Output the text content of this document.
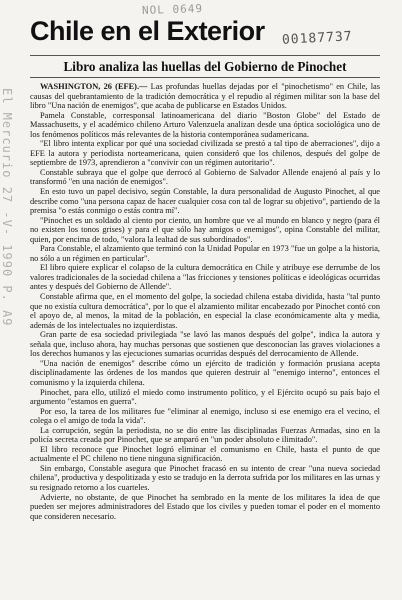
NOL 0649
00187737
El Mercurio 27 -V- 1990 P. A9
Chile en el Exterior
Libro analiza las huellas del Gobierno de Pinochet

WASHINGTON, 26 (EFE).— Las profundas huellas dejadas por el "pinochetismo" en Chile, las causas del quebrantamiento de la tradición democrática y el repudio al régimen militar son la base del libro "Una nación de enemigos", que acaba de publicarse en Estados Unidos.

Pamela Constable, corresponsal latinoamericana del diario "Boston Globe" del Estado de Massachusetts, y el académico chileno Arturo Valenzuela analizan desde una óptica sociológica uno de los fenómenos políticos más relevantes de la historia contemporánea sudamericana.

"El libro intenta explicar por qué una sociedad civilizada se prestó a tal tipo de aberraciones", dijo a EFE la autora y periodista norteamericana, quien consideró que los chilenos, después del golpe de septiembre de 1973, aprendieron a "convivir con un régimen autoritario".

Constable subraya que el golpe que derrocó al Gobierno de Salvador Allende enajenó al país y lo transformó "en una nación de enemigos".

En esto tuvo un papel decisivo, según Constable, la dura personalidad de Augusto Pinochet, al que describe como "una persona capaz de hacer cualquier cosa con tal de lograr su objetivo", partiendo de la premisa "o estás conmigo o estás contra mí".

"Pinochet es un soldado al ciento por ciento, un hombre que ve al mundo en blanco y negro (para él no existen los tonos grises) y para el que sólo hay amigos o enemigos", opina Constable del militar, quien, por encima de todo, "valora la lealtad de sus subordinados".

Para Constable, el alzamiento que terminó con la Unidad Popular en 1973 "fue un golpe a la historia, no sólo a un régimen en particular".

El libro quiere explicar el colapso de la cultura democrática en Chile y atribuye ese derrumbe de los valores tradicionales de la sociedad chilena a "las fricciones y tensiones políticas e ideológicas ocurridas antes y después del Gobierno de Allende".

Constable afirma que, en el momento del golpe, la sociedad chilena estaba dividida, hasta "tal punto que no existía cultura democrática", por lo que el alzamiento militar encabezado por Pinochet contó con el apoyo de, al menos, la mitad de la población, en especial la clase económicamente alta y media, además de los intelectuales no izquierdistas.

Gran parte de esa sociedad privilegiada "se lavó las manos después del golpe", indica la autora y señala que, incluso ahora, hay muchas personas que sostienen que desconocían las graves violaciones a los derechos humanos y las ejecuciones sumarias ocurridas después del derrocamiento de Allende.

"Una nación de enemigos" describe cómo un ejército de tradición y formación prusiana acepta disciplinadamente las órdenes de los mandos que quieren destruir al "enemigo interno", entonces el comunismo y la izquierda chilena.

Pinochet, para ello, utilizó el miedo como instrumento político, y el Ejército ocupó su país bajo el argumento "estamos en guerra".

Por eso, la tarea de los militares fue "eliminar al enemigo, incluso si ese enemigo era el vecino, el colega o el amigo de toda la vida".

La corrupción, según la periodista, no se dio entre las disciplinadas Fuerzas Armadas, sino en la policía secreta creada por Pinochet, que se amparó en "un poder absoluto e ilimitado".

El libro reconoce que Pinochet logró eliminar el comunismo en Chile, hasta el punto de que actualmente el PC chileno no tiene ninguna significación.

Sin embargo, Constable asegura que Pinochet fracasó en su intento de crear "una nueva sociedad chilena", productiva y despolitizada y esto se tradujo en la derrota sufrida por los militares en las urnas y su resignado retorno a los cuarteles.

Advierte, no obstante, de que Pinochet ha sembrado en la mente de los militares la idea de que pueden ser mejores administradores del Estado que los civiles y pueden tomar el poder en el momento que consideren necesario.
